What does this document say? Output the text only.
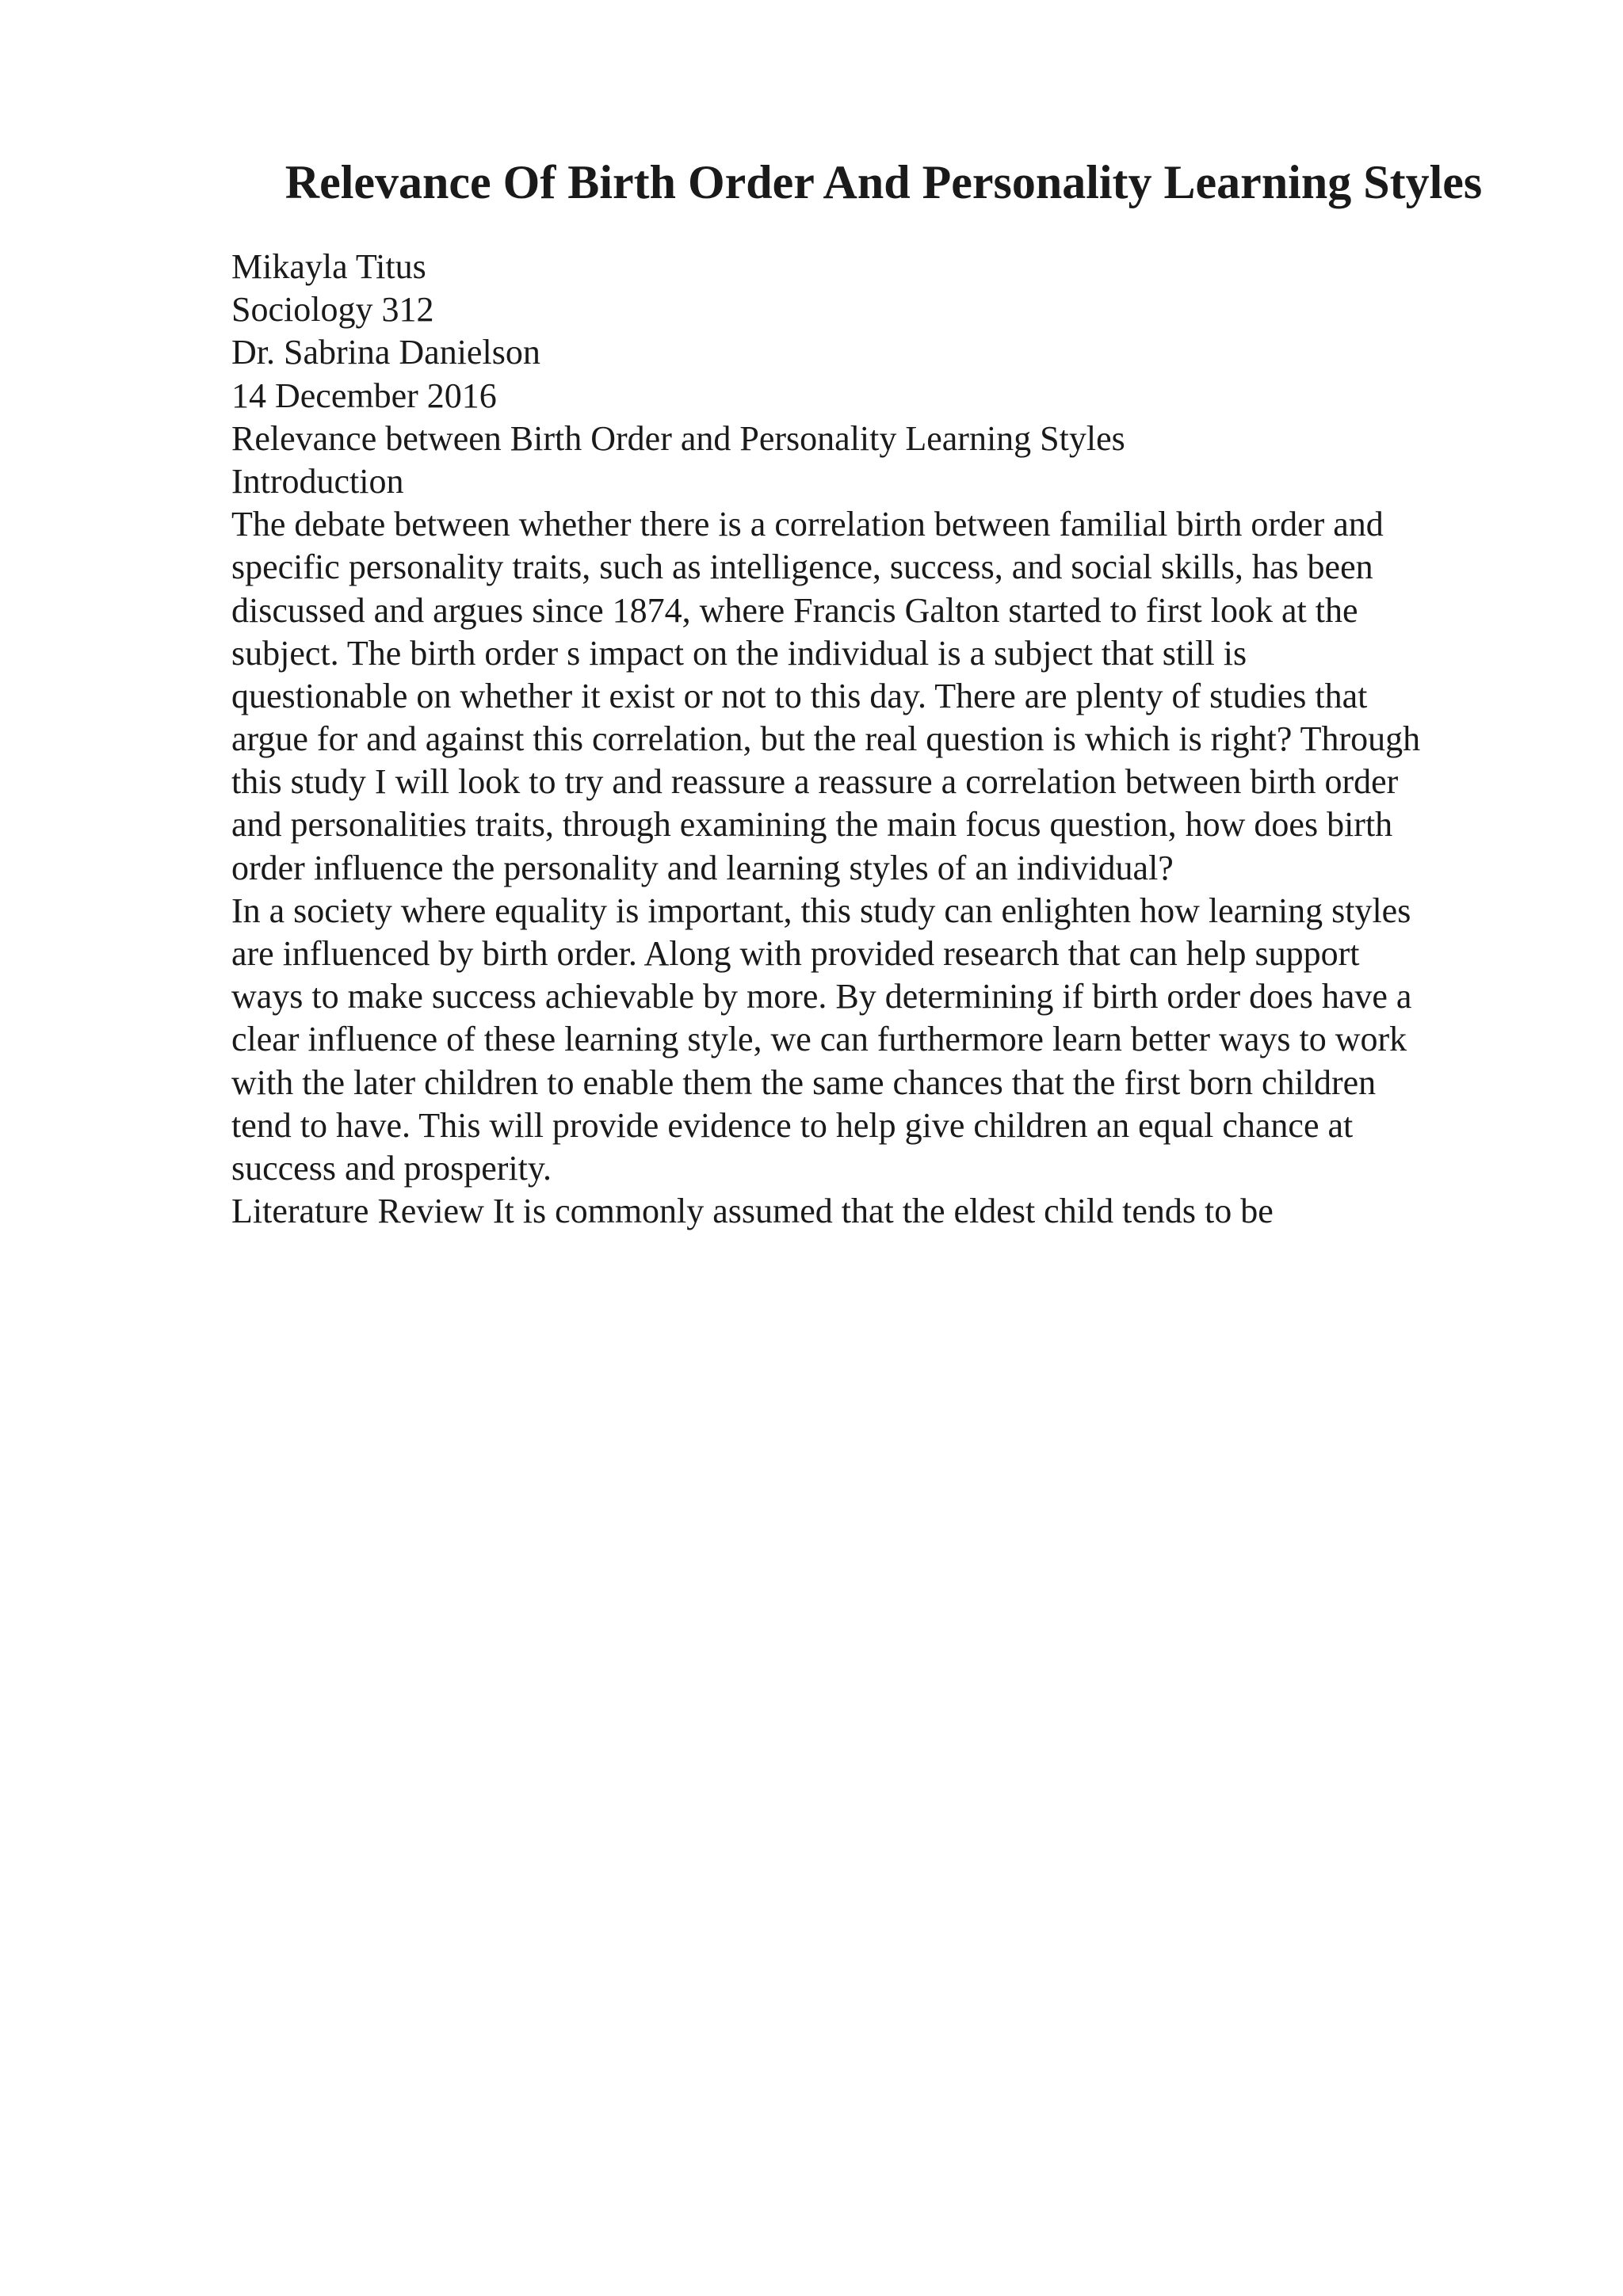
Relevance Of Birth Order And Personality Learning Styles
Mikayla Titus
Sociology 312
Dr. Sabrina Danielson
14 December 2016
Relevance between Birth Order and Personality Learning Styles
Introduction
The debate between whether there is a correlation between familial birth order and
specific personality traits, such as intelligence, success, and social skills, has been
discussed and argues since 1874, where Francis Galton started to first look at the
subject. The birth order s impact on the individual is a subject that still is
questionable on whether it exist or not to this day. There are plenty of studies that
argue for and against this correlation, but the real question is which is right? Through
this study I will look to try and reassure a reassure a correlation between birth order
and personalities traits, through examining the main focus question, how does birth
order influence the personality and learning styles of an individual?
In a society where equality is important, this study can enlighten how learning styles
are influenced by birth order. Along with provided research that can help support
ways to make success achievable by more. By determining if birth order does have a
clear influence of these learning style, we can furthermore learn better ways to work
with the later children to enable them the same chances that the first born children
tend to have. This will provide evidence to help give children an equal chance at
success and prosperity.
Literature Review It is commonly assumed that the eldest child tends to be
